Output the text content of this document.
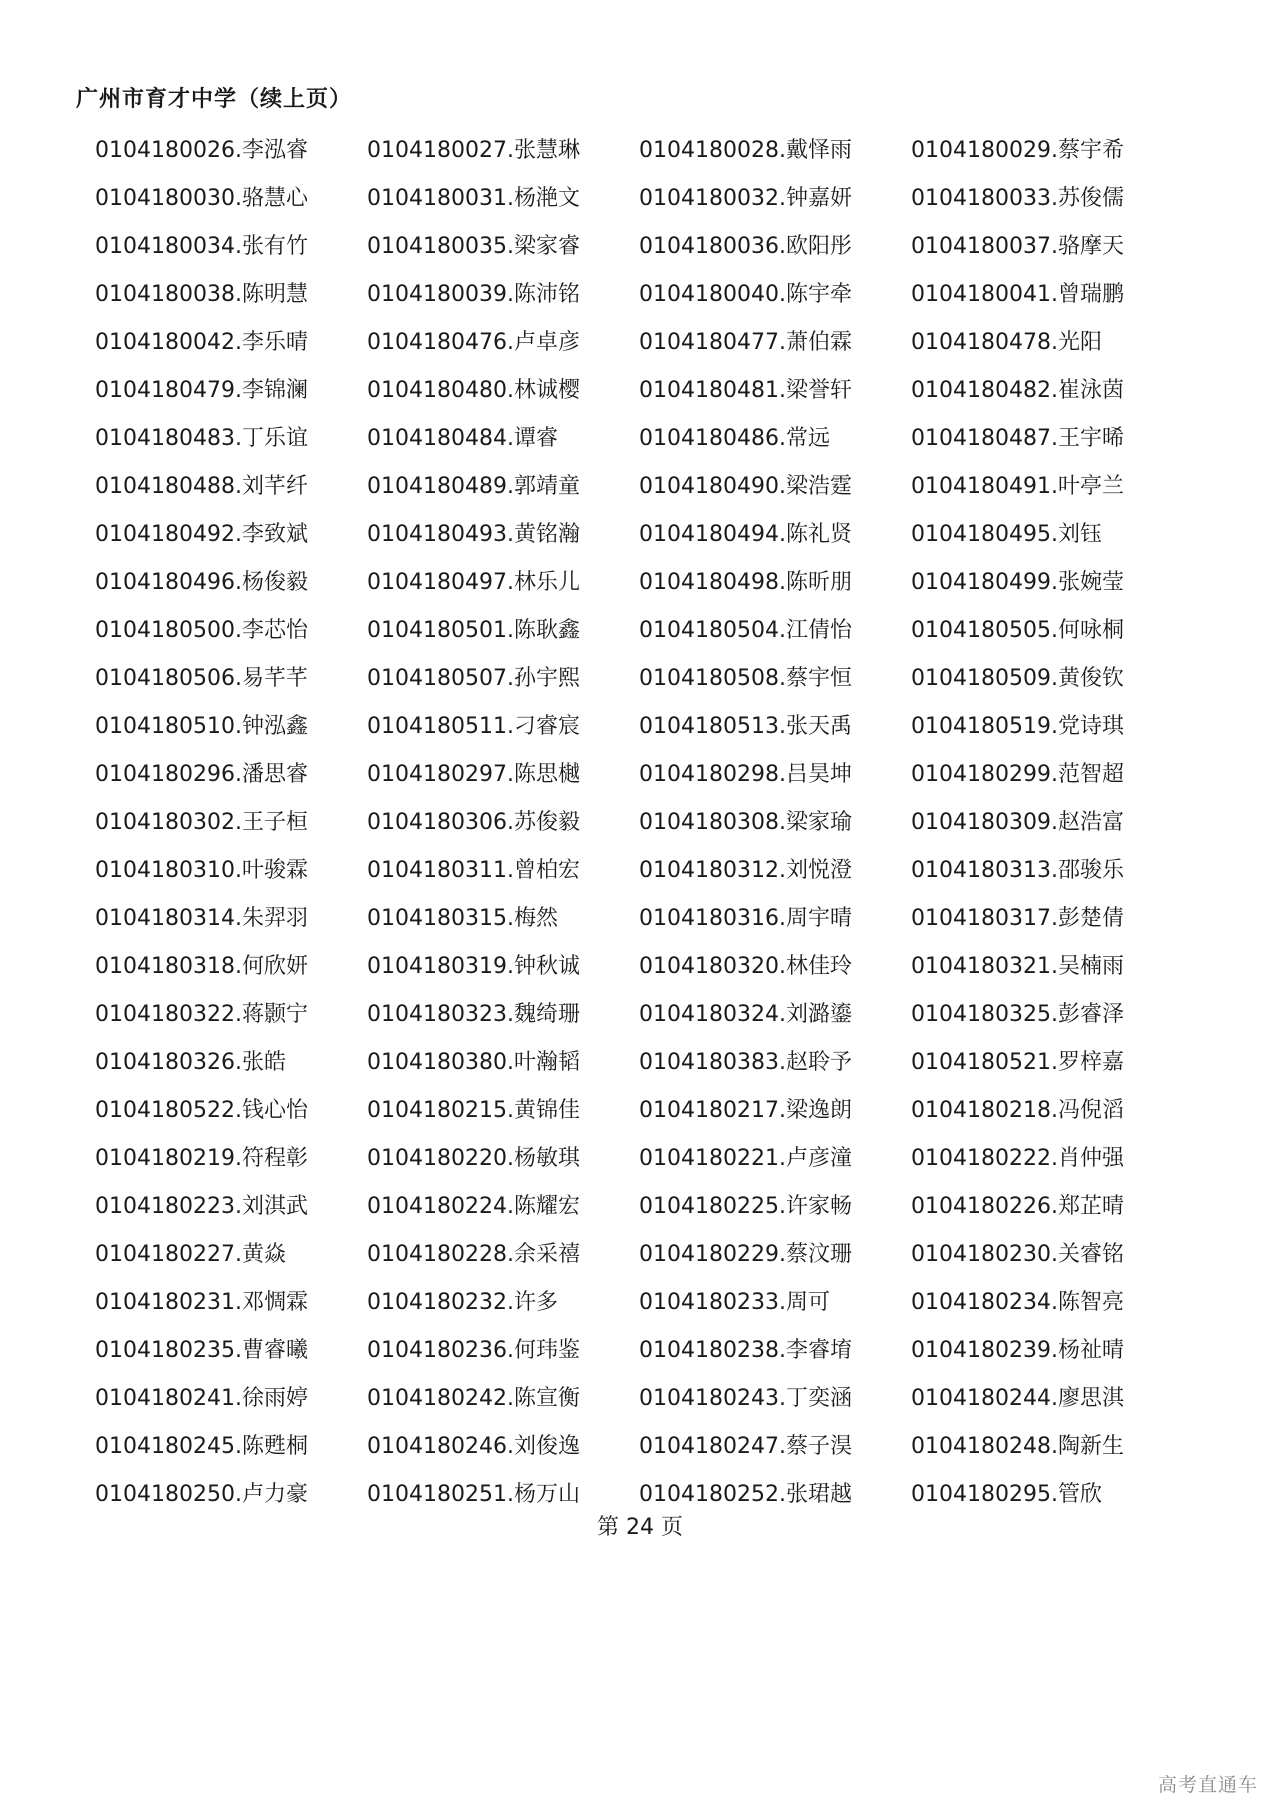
广州市育才中学（续上页）
0104180026.李泓睿	0104180027.张慧琳	0104180028.戴怿雨	0104180029.蔡宇希
0104180030.骆慧心	0104180031.杨滟文	0104180032.钟嘉妍	0104180033.苏俊儒
0104180034.张有竹	0104180035.梁家睿	0104180036.欧阳彤	0104180037.骆摩天
0104180038.陈明慧	0104180039.陈沛铭	0104180040.陈宇牵	0104180041.曾瑞鹏
0104180042.李乐晴	0104180476.卢卓彦	0104180477.萧伯霖	0104180478.光阳
0104180479.李锦澜	0104180480.林诚樱	0104180481.梁誉轩	0104180482.崔泳茵
0104180483.丁乐谊	0104180484.谭睿	0104180486.常远	0104180487.王宇晞
0104180488.刘芊纤	0104180489.郭靖童	0104180490.梁浩霆	0104180491.叶亭兰
0104180492.李致斌	0104180493.黄铭瀚	0104180494.陈礼贤	0104180495.刘钰
0104180496.杨俊毅	0104180497.林乐儿	0104180498.陈昕朋	0104180499.张婉莹
0104180500.李芯怡	0104180501.陈耿鑫	0104180504.江倩怡	0104180505.何咏桐
0104180506.易芊芊	0104180507.孙宇熙	0104180508.蔡宇恒	0104180509.黄俊钦
0104180510.钟泓鑫	0104180511.刁睿宸	0104180513.张天禹	0104180519.党诗琪
0104180296.潘思睿	0104180297.陈思樾	0104180298.吕昊坤	0104180299.范智超
0104180302.王子桓	0104180306.苏俊毅	0104180308.梁家瑜	0104180309.赵浩富
0104180310.叶骏霖	0104180311.曾柏宏	0104180312.刘悦澄	0104180313.邵骏乐
0104180314.朱羿羽	0104180315.梅然	0104180316.周宇晴	0104180317.彭楚倩
0104180318.何欣妍	0104180319.钟秋诚	0104180320.林佳玲	0104180321.吴楠雨
0104180322.蒋颢宁	0104180323.魏绮珊	0104180324.刘潞鎏	0104180325.彭睿泽
0104180326.张皓	0104180380.叶瀚韬	0104180383.赵聆予	0104180521.罗梓嘉
0104180522.钱心怡	0104180215.黄锦佳	0104180217.梁逸朗	0104180218.冯倪滔
0104180219.符程彰	0104180220.杨敏琪	0104180221.卢彦潼	0104180222.肖仲强
0104180223.刘淇武	0104180224.陈耀宏	0104180225.许家畅	0104180226.郑芷晴
0104180227.黄焱	0104180228.余采禧	0104180229.蔡汶珊	0104180230.关睿铭
0104180231.邓惆霖	0104180232.许多	0104180233.周可	0104180234.陈智亮
0104180235.曹睿曦	0104180236.何玮鉴	0104180238.李睿堉	0104180239.杨祉晴
0104180241.徐雨婷	0104180242.陈宣衡	0104180243.丁奕涵	0104180244.廖思淇
0104180245.陈甦桐	0104180246.刘俊逸	0104180247.蔡子淏	0104180248.陶新生
0104180250.卢力豪	0104180251.杨万山	0104180252.张珺越	0104180295.管欣
第 24 页
高考直通车
